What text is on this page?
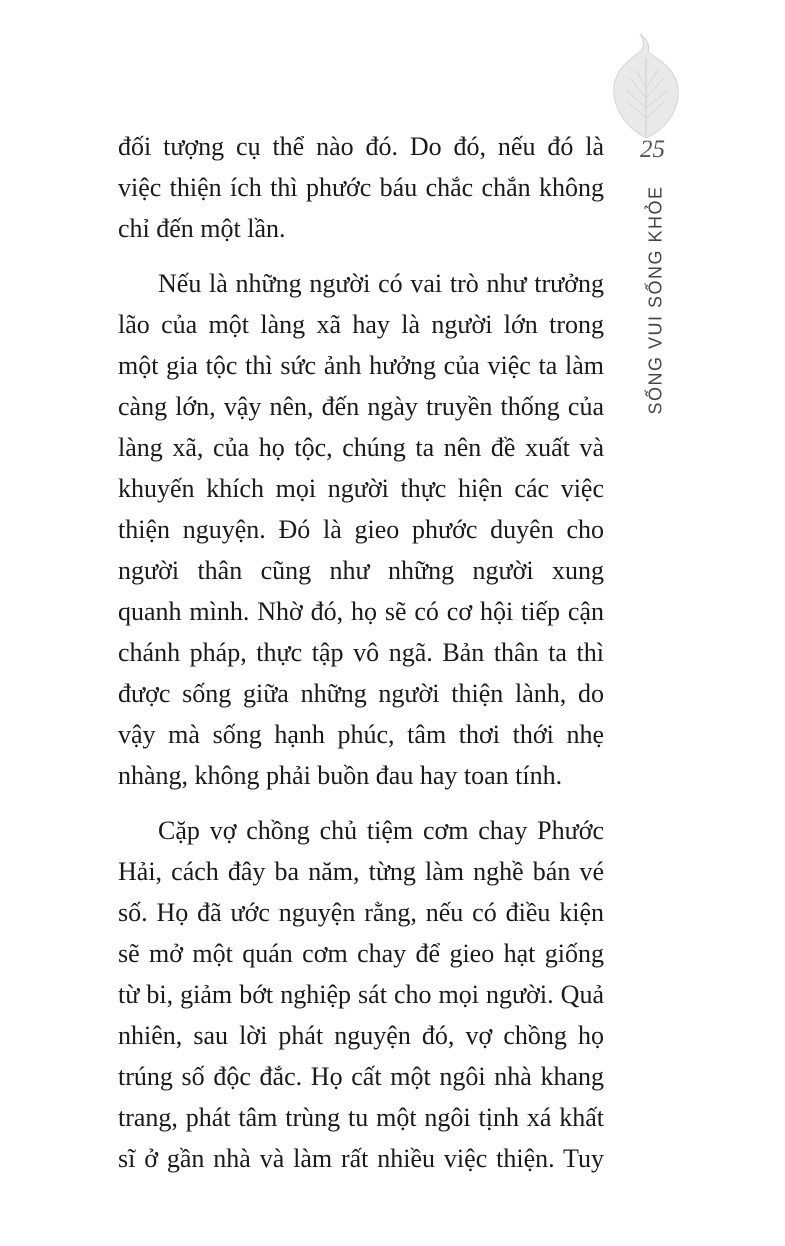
25
SỐNG VUI SỐNG KHỎE

đối tượng cụ thể nào đó. Do đó, nếu đó là
việc thiện ích thì phước báu chắc chắn không
chỉ đến một lần.

Nếu là những người có vai trò như trưởng
lão của một làng xã hay là người lớn trong
một gia tộc thì sức ảnh hưởng của việc ta làm
càng lớn, vậy nên, đến ngày truyền thống của
làng xã, của họ tộc, chúng ta nên đề xuất và
khuyến khích mọi người thực hiện các việc
thiện nguyện. Đó là gieo phước duyên cho
người thân cũng như những người xung
quanh mình. Nhờ đó, họ sẽ có cơ hội tiếp cận
chánh pháp, thực tập vô ngã. Bản thân ta thì
được sống giữa những người thiện lành, do
vậy mà sống hạnh phúc, tâm thơi thới nhẹ
nhàng, không phải buồn đau hay toan tính.

Cặp vợ chồng chủ tiệm cơm chay Phước
Hải, cách đây ba năm, từng làm nghề bán vé
số. Họ đã ước nguyện rằng, nếu có điều kiện
sẽ mở một quán cơm chay để gieo hạt giống
từ bi, giảm bớt nghiệp sát cho mọi người. Quả
nhiên, sau lời phát nguyện đó, vợ chồng họ
trúng số độc đắc. Họ cất một ngôi nhà khang
trang, phát tâm trùng tu một ngôi tịnh xá khất
sĩ ở gần nhà và làm rất nhiều việc thiện. Tuy
